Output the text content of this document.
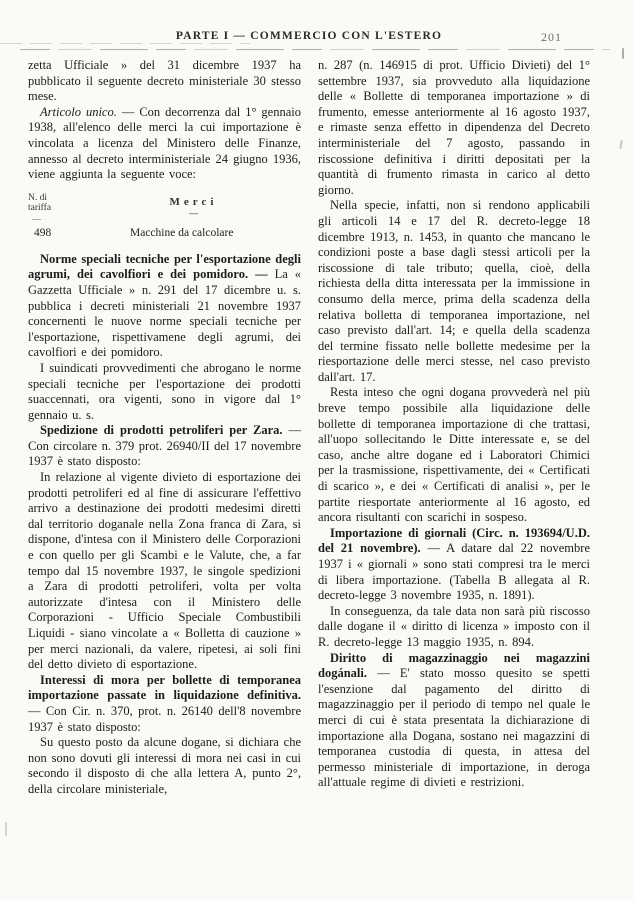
PARTE I — COMMERCIO CON L'ESTERO	201

zetta Ufficiale » del 31 dicembre 1937 ha pubblicato il seguente decreto ministeriale 30 stesso mese.

Articolo unico. — Con decorrenza dal 1° gennaio 1938, all'elenco delle merci la cui importazione è vincolata a licenza del Ministero delle Finanze, annesso al decreto interministeriale 24 giugno 1936, viene aggiunta la seguente voce:

N. di
tariffa
—
Merci
—
498	Macchine da calcolare

Norme speciali tecniche per l'esportazione degli agrumi, dei cavolfiori e dei pomidoro. — La « Gazzetta Ufficiale » n. 291 del 17 dicembre u. s. pubblica i decreti ministeriali 21 novembre 1937 concernenti le nuove norme speciali tecniche per l'esportazione, rispettivamene degli agrumi, dei cavolfiori e dei pomidoro.

I suindicati provvedimenti che abrogano le norme speciali tecniche per l'esportazione dei prodotti suaccennati, ora vigenti, sono in vigore dal 1° gennaio u. s.

Spedizione di prodotti petroliferi per Zara. — Con circolare n. 379 prot. 26940/II del 17 novembre 1937 è stato disposto:

In relazione al vigente divieto di esportazione dei prodotti petroliferi ed al fine di assicurare l'effettivo arrivo a destinazione dei prodotti medesimi diretti dal territorio doganale nella Zona franca di Zara, si dispone, d'intesa con il Ministero delle Corporazioni e con quello per gli Scambi e le Valute, che, a far tempo dal 15 novembre 1937, le singole spedizioni a Zara di prodotti petroliferi, volta per volta autorizzate d'intesa con il Ministero delle Corporazioni - Ufficio Speciale Combustibili Liquidi - siano vincolate a « Bolletta di cauzione » per merci nazionali, da valere, ripetesi, ai soli fini del detto divieto di esportazione.

Interessi di mora per bollette di temporanea importazione passate in liquidazione definitiva. — Con Cir. n. 370, prot. n. 26140 dell'8 novembre 1937 è stato disposto:

Su questo posto da alcune dogane, si dichiara che non sono dovuti gli interessi di mora nei casi in cui secondo il disposto di che alla lettera A, punto 2°, della circolare ministeriale,

n. 287 (n. 146915 di prot. Ufficio Divieti) del 1° settembre 1937, sia provveduto alla liquidazione delle « Bollette di temporanea importazione » di frumento, emesse anteriormente al 16 agosto 1937, e rimaste senza effetto in dipendenza del Decreto interministeriale del 7 agosto, passando in riscossione definitiva i diritti depositati per la quantità di frumento rimasta in carico al detto giorno.

Nella specie, infatti, non si rendono applicabili gli articoli 14 e 17 del R. decreto-legge 18 dicembre 1913, n. 1453, in quanto che mancano le condizioni poste a base dagli stessi articoli per la riscossione di tale tributo; quella, cioè, della richiesta della ditta interessata per la immissione in consumo della merce, prima della scadenza della relativa bolletta di temporanea importazione, nel caso previsto dall'art. 14; e quella della scadenza del termine fissato nelle bollette medesime per la riesportazione delle merci stesse, nel caso previsto dall'art. 17.

Resta inteso che ogni dogana provvederà nel più breve tempo possibile alla liquidazione delle bollette di temporanea importazione di che trattasi, all'uopo sollecitando le Ditte interessate e, se del caso, anche altre dogane ed i Laboratori Chimici per la trasmissione, rispettivamente, dei « Certificati di scarico », e dei « Certificati di analisi », per le partite riesportate anteriormente al 16 agosto, ed ancora risultanti con scarichi in sospeso.

Importazione di giornali (Circ. n. 193694/U.D. del 21 novembre). — A datare dal 22 novembre 1937 i « giornali » sono stati compresi tra le merci di libera importazione. (Tabella B allegata al R. decreto-legge 3 novembre 1935, n. 1891).

In conseguenza, da tale data non sarà più riscosso dalle dogane il « diritto di licenza » imposto con il R. decreto-legge 13 maggio 1935, n. 894.

Diritto di magazzinaggio nei magazzini dogánali. — E' stato mosso quesito se spetti l'esenzione dal pagamento del diritto di magazzinaggio per il periodo di tempo nel quale le merci di cui è stata presentata la dichiarazione di importazione alla Dogana, sostano nei magazzini di temporanea custodia di questa, in attesa del permesso ministeriale di importazione, in deroga all'attuale regime di divieti e restrizioni.
